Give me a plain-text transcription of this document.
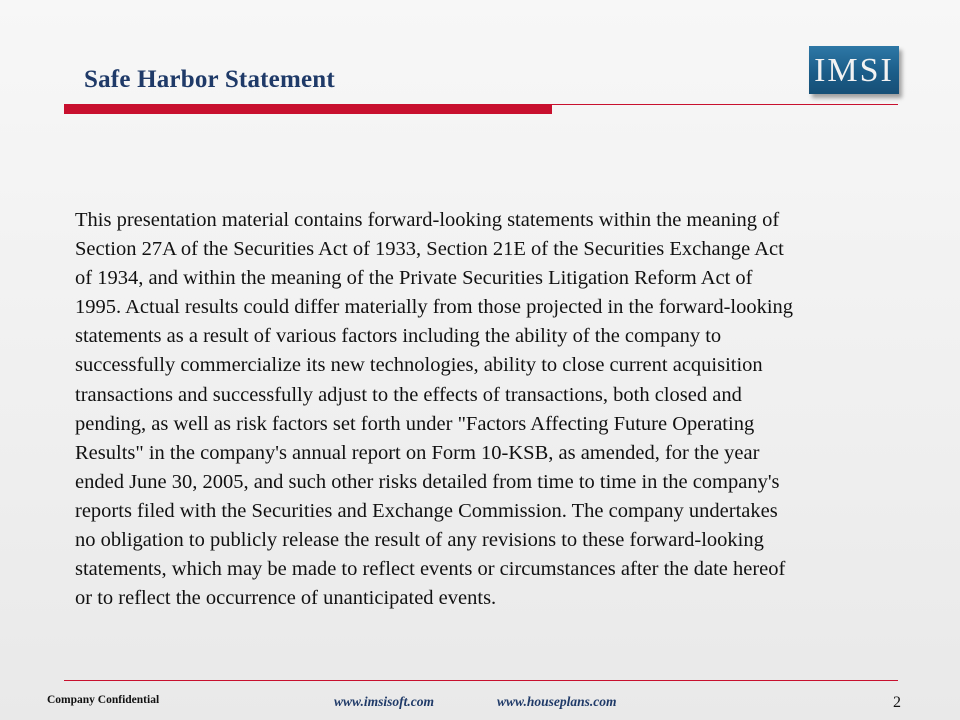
Safe Harbor Statement	IMSI
This presentation material contains forward-looking statements within the meaning of
Section 27A of the Securities Act of 1933, Section 21E of the Securities Exchange Act
of 1934, and within the meaning of the Private Securities Litigation Reform Act of
1995. Actual results could differ materially from those projected in the forward-looking
statements as a result of various factors including the ability of the company to
successfully commercialize its new technologies, ability to close current acquisition
transactions and successfully adjust to the effects of transactions, both closed and
pending, as well as risk factors set forth under "Factors Affecting Future Operating
Results" in the company's annual report on Form 10-KSB, as amended, for the year
ended June 30, 2005, and such other risks detailed from time to time in the company's
reports filed with the Securities and Exchange Commission. The company undertakes
no obligation to publicly release the result of any revisions to these forward-looking
statements, which may be made to reflect events or circumstances after the date hereof
or to reflect the occurrence of unanticipated events.
Company Confidential	www.imsisoft.com	www.houseplans.com	2
